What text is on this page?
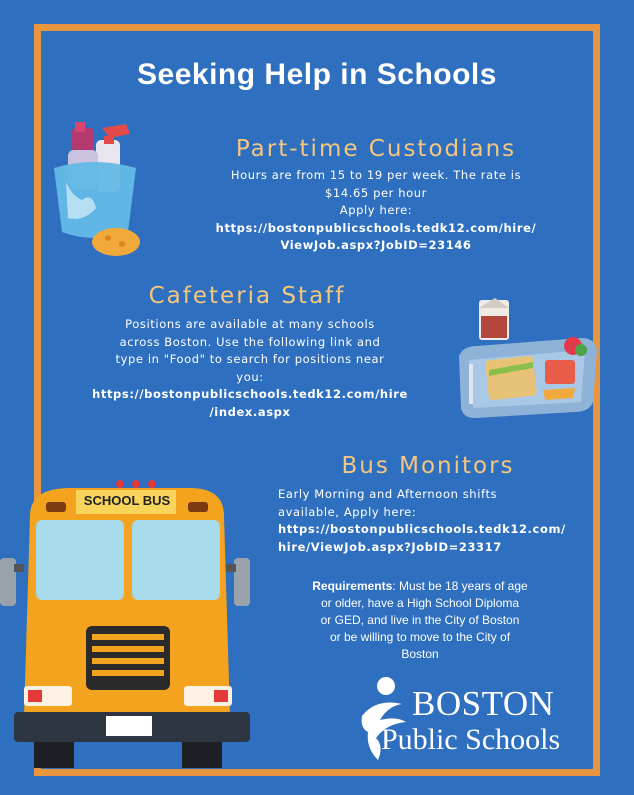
Seeking Help in Schools
Part-time Custodians
Hours are from 15 to 19 per week. The rate is
$14.65 per hour
Apply here:
https://bostonpublicschools.tedk12.com/hire/
ViewJob.aspx?JobID=23146
Cafeteria Staff
Positions are available at many schools
across Boston. Use the following link and
type in "Food" to search for positions near
you:
https://bostonpublicschools.tedk12.com/hire
/index.aspx
Bus Monitors
Early Morning and Afternoon shifts
available, Apply here:
https://bostonpublicschools.tedk12.com/
hire/ViewJob.aspx?JobID=23317
SCHOOL BUS
Requirements: Must be 18 years of age
or older, have a High School Diploma
or GED, and live in the City of Boston
or be willing to move to the City of
Boston
BOSTON
Public Schools
